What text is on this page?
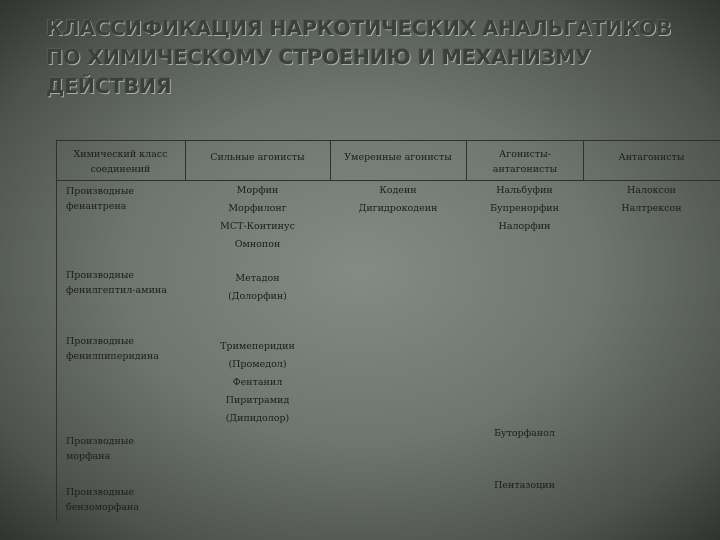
КЛАССИФИКАЦИЯ НАРКОТИЧЕСКИХ АНАЛЬГАТИКОВ
ПО ХИМИЧЕСКОМУ СТРОЕНИЮ И МЕХАНИЗМУ
ДЕЙСТВИЯ
Химический класс соединений
Сильные агонисты	Умеренные агонисты	Агонисты-антагонисты
Антагонисты
Производные фенантрена
Морфин
Морфилонг
МСТ-Континус
Омнопон
Кодеин
Дигидрокодеин
Нальбуфин
Бупренорфин
Налорфин
Налоксон
Налтрексон
Производные фенилгептил-амина
Метадон
(Долорфин)
Производные фенилпиперидина
Тримеперидин
(Промедол)
Фентанил
Пиритрамид
(Дипидолор)
Производные морфана
Буторфанол
Производные бензоморфана
Пентазоцин
